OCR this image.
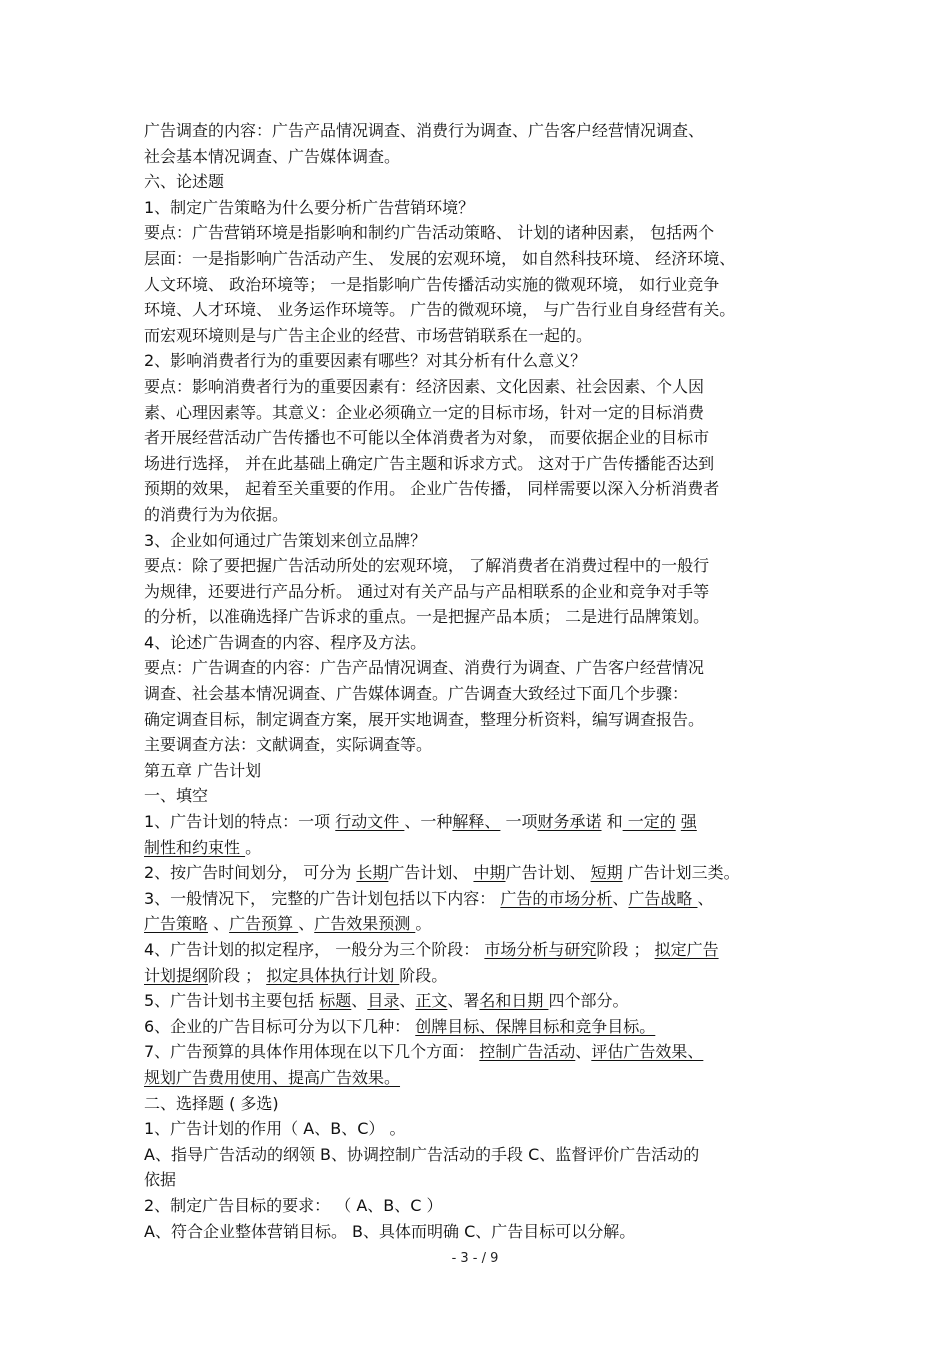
广告调查的内容：广告产品情况调查、消费行为调查、广告客户经营情况调查、
社会基本情况调查、广告媒体调查。
六、论述题
1、制定广告策略为什么要分析广告营销环境？
要点：广告营销环境是指影响和制约广告活动策略、 计划的诸种因素， 包括两个
层面：一是指影响广告活动产生、 发展的宏观环境， 如自然科技环境、 经济环境、
人文环境、 政治环境等； 一是指影响广告传播活动实施的微观环境， 如行业竞争
环境、人才环境、 业务运作环境等。 广告的微观环境， 与广告行业自身经营有关。
而宏观环境则是与广告主企业的经营、市场营销联系在一起的。
2、影响消费者行为的重要因素有哪些？对其分析有什么意义？
要点：影响消费者行为的重要因素有：经济因素、文化因素、社会因素、个人因
素、心理因素等。其意义：企业必须确立一定的目标市场，针对一定的目标消费
者开展经营活动广告传播也不可能以全体消费者为对象， 而要依据企业的目标市
场进行选择， 并在此基础上确定广告主题和诉求方式。 这对于广告传播能否达到
预期的效果， 起着至关重要的作用。 企业广告传播， 同样需要以深入分析消费者
的消费行为为依据。
3、企业如何通过广告策划来创立品牌？
要点：除了要把握广告活动所处的宏观环境， 了解消费者在消费过程中的一般行
为规律，还要进行产品分析。 通过对有关产品与产品相联系的企业和竞争对手等
的分析，以准确选择广告诉求的重点。一是把握产品本质； 二是进行品牌策划。
4、论述广告调查的内容、程序及方法。
要点：广告调查的内容：广告产品情况调查、消费行为调查、广告客户经营情况
调查、社会基本情况调查、广告媒体调查。广告调查大致经过下面几个步骤：
确定调查目标，制定调查方案，展开实地调查，整理分析资料，编写调查报告。
主要调查方法：文献调查，实际调查等。
第五章 广告计划
一、填空
1、广告计划的特点：一项 行动文件 、一种解释、 一项财务承诺 和 一定的 强
制性和约束性 。
2、按广告时间划分， 可分为 长期广告计划、 中期广告计划、 短期 广告计划三类。
3、一般情况下， 完整的广告计划包括以下内容： 广告的市场分析、广告战略 、
广告策略 、广告预算 、广告效果预测 。
4、广告计划的拟定程序， 一般分为三个阶段： 市场分析与研究阶段 ； 拟定广告
计划提纲阶段 ； 拟定具体执行计划 阶段。
5、广告计划书主要包括 标题、目录、正文、署名和日期 四个部分。
6、企业的广告目标可分为以下几种： 创牌目标、保牌目标和竞争目标。
7、广告预算的具体作用体现在以下几个方面： 控制广告活动、评估广告效果、
规划广告费用使用、提高广告效果。
二、选择题 ( 多选)
1、广告计划的作用（ A、B、C） 。
A、指导广告活动的纲领 B、协调控制广告活动的手段 C、监督评价广告活动的
依据
2、制定广告目标的要求： （ A、B、C ）
A、符合企业整体营销目标。 B、具体而明确 C、广告目标可以分解。
- 3 - / 9
